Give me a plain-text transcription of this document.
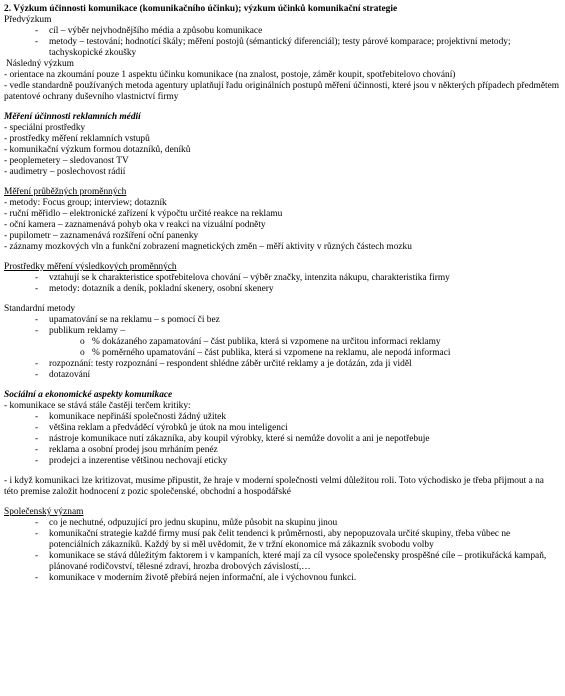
2. Výzkum účinnosti komunikace (komunikačního účinku); výzkum účinků komunikační strategie
Předvýzkum
- cíl – výběr nejvhodnějšího média a způsobu komunikace
- metody – testování; hodnotící škály; měření postojů (sémantický diferenciál); testy párové komparace; projektivní metody; tachyskopické zkoušky
Následný výzkum
- orientace na zkoumání pouze 1 aspektu účinku komunikace (na znalost, postoje, záměr koupit, spotřebitelovo chování)
- vedle standardně používaných metoda agentury uplatňují řadu originálních postupů měření účinnosti, které jsou v některých případech předmětem patentové ochrany duševního vlastnictví firmy
Měření účinnosti reklamních médií
- speciální prostředky
- prostředky měření reklamních vstupů
- komunikační výzkum formou dotazníků, deníků
- peoplemetery – sledovanost TV
- audimetry – poslechovost rádií
Měření průběžných proměnných
- metody: Focus group; interview; dotazník
- ruční měřidlo – elektronické zařízení k výpočtu určité reakce na reklamu
- oční kamera – zaznamenává pohyb oka v reakci na vizuální podněty
- pupilometr – zaznamenává rozšíření oční panenky
- záznamy mozkových vln a funkční zobrazení magnetických změn – měří aktivity v různých částech mozku
Prostředky měření výsledkových proměnných
- vztahují se k charakteristice spotřebitelova chování – výběr značky, intenzita nákupu, charakteristika firmy
- metody: dotazník a deník, pokladní skenery, osobní skenery
Standardní metody
- upamatování se na reklamu – s pomocí či bez
- publikum reklamy –
o % dokázaného zapamatování – část publika, která si vzpomene na určitou informaci reklamy
o % poměrného upamatování – část publika, která si vzpomene na reklamu, ale nepodá informaci
- rozpoznání: testy rozpoznání – respondent shlédne záběr určité reklamy a je dotázán, zda ji viděl
- dotazování
Sociální a ekonomické aspekty komunikace
- komunikace se stává stále častěji terčem kritiky:
- komunikace nepřináší společnosti žádný užitek
- většina reklam a předváděcí výrobků je útok na mou inteligenci
- nástroje komunikace nutí zákazníka, aby koupil výrobky, které si nemůže dovolit a ani je nepotřebuje
- reklama a osobní prodej jsou mrháním penéz
- prodejci a inzerentise většinou nechovají eticky
- i když komunikaci lze kritizovat, musíme připustit, že hraje v moderní společnosti velmi důležitou roli. Toto východisko je třeba přijmout a na této premise založit hodnocení z pozic společenské, obchodní a hospodářské
Společenský význam
- co je nechutné, odpuzující pro jednu skupinu, může působit na skupinu jinou
- komunikační strategie každé firmy musí pak čelit tendenci k průměrnosti, aby nepopuzovala určité skupiny, třeba vůbec ne potenciálních zákazníků. Každý by si měl uvědomit, že v tržní ekonomice má zákazník svobodu volby
- komunikace se stává důležitým faktorem i v kampaních, které mají za cíl vysoce společensky prospěšné cíle – protikuřácká kampaň, plánované rodičovství, tělesné zdraví, hrozba drobových závislostí,…
- komunikace v moderním životě přebírá nejen informační, ale i výchovnou funkci.
